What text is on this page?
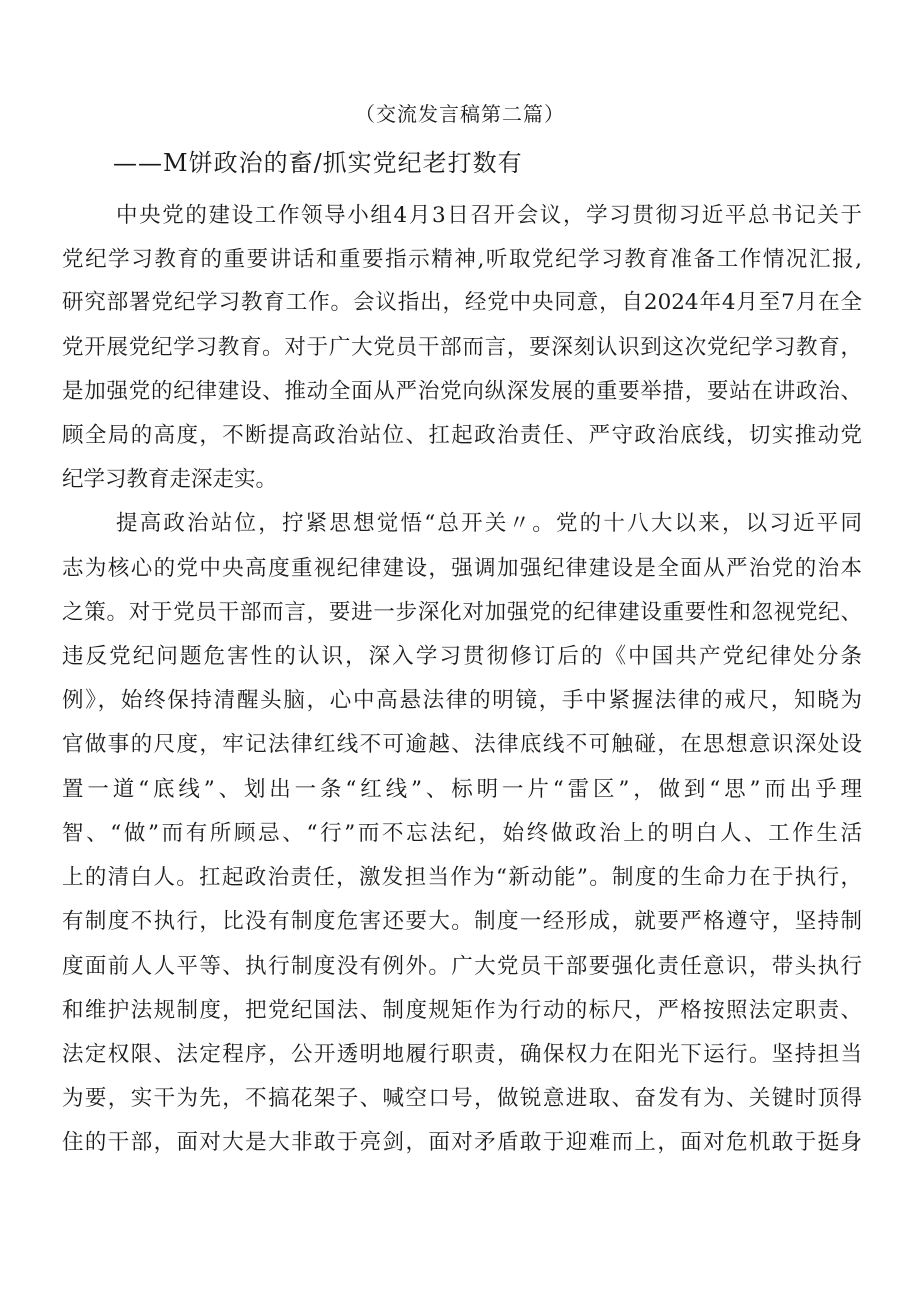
（交流发言稿第二篇）
——M饼政治的畜/抓实党纪老打数有
中央党的建设工作领导小组4月3日召开会议，学习贯彻习近平总书记关于
党纪学习教育的重要讲话和重要指示精神,听取党纪学习教育准备工作情况汇报,
研究部署党纪学习教育工作。会议指出，经党中央同意，自2024年4月至7月在全
党开展党纪学习教育。对于广大党员干部而言，要深刻认识到这次党纪学习教育，
是加强党的纪律建设、推动全面从严治党向纵深发展的重要举措，要站在讲政治、
顾全局的高度，不断提高政治站位、扛起政治责任、严守政治底线，切实推动党
纪学习教育走深走实。
提高政治站位，拧紧思想觉悟“总开关〃。党的十八大以来，以习近平同
志为核心的党中央高度重视纪律建设，强调加强纪律建设是全面从严治党的治本
之策。对于党员干部而言，要进一步深化对加强党的纪律建设重要性和忽视党纪、
违反党纪问题危害性的认识，深入学习贯彻修订后的《中国共产党纪律处分条
例》，始终保持清醒头脑，心中高悬法律的明镜，手中紧握法律的戒尺，知晓为
官做事的尺度，牢记法律红线不可逾越、法律底线不可触碰，在思想意识深处设
置一道“底线”、划出一条“红线”、标明一片“雷区”，做到“思”而出乎理
智、“做”而有所顾忌、“行”而不忘法纪，始终做政治上的明白人、工作生活
上的清白人。扛起政治责任，激发担当作为“新动能”。制度的生命力在于执行，
有制度不执行，比没有制度危害还要大。制度一经形成，就要严格遵守，坚持制
度面前人人平等、执行制度没有例外。广大党员干部要强化责任意识，带头执行
和维护法规制度，把党纪国法、制度规矩作为行动的标尺，严格按照法定职责、
法定权限、法定程序，公开透明地履行职责，确保权力在阳光下运行。坚持担当
为要，实干为先，不搞花架子、喊空口号，做锐意进取、奋发有为、关键时顶得
住的干部，面对大是大非敢于亮剑，面对矛盾敢于迎难而上，面对危机敢于挺身
